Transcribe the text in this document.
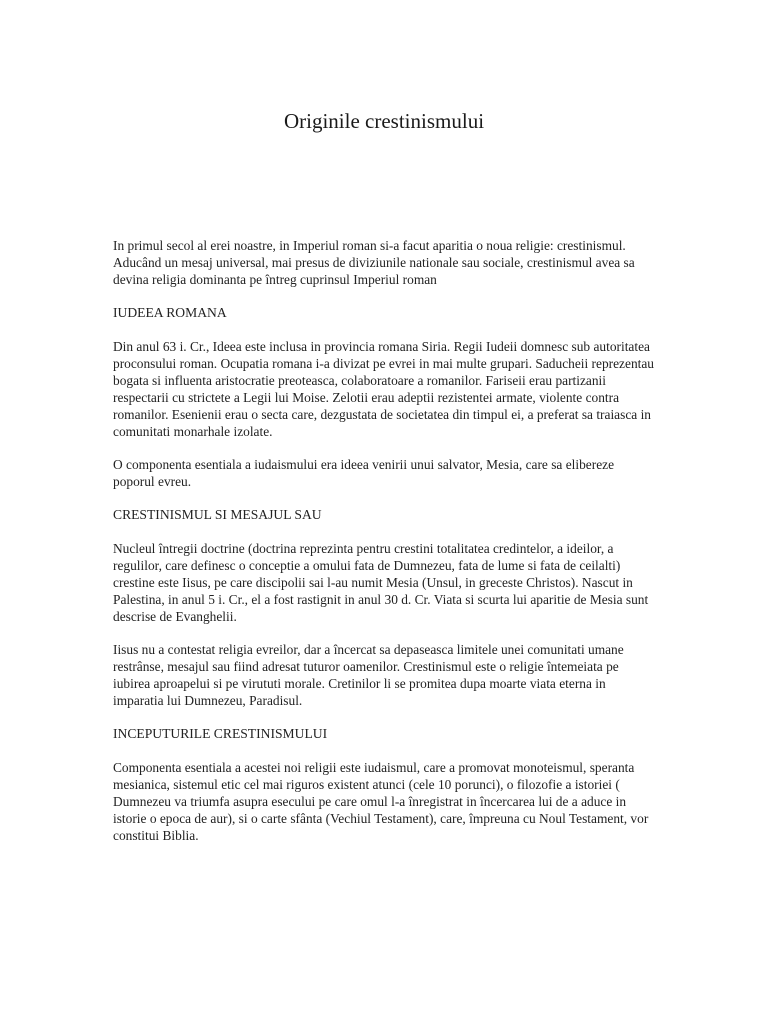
Originile crestinismului

In primul secol al erei noastre, in Imperiul roman si-a facut aparitia o noua religie: crestinismul. Aducând un mesaj universal, mai presus de diviziunile nationale sau sociale, crestinismul avea sa devina religia dominanta pe întreg cuprinsul Imperiul roman

IUDEEA ROMANA

Din anul 63 i. Cr., Ideea este inclusa in provincia romana Siria. Regii Iudeii domnesc sub autoritatea proconsului roman. Ocupatia romana i-a divizat pe evrei in mai multe grupari. Saducheii reprezentau bogata si influenta aristocratie preoteasca, colaboratoare a romanilor. Fariseii erau partizanii respectarii cu strictete a Legii lui Moise. Zelotii erau adeptii rezistentei armate, violente contra romanilor. Esenienii erau o secta care, dezgustata de societatea din timpul ei, a preferat sa traiasca in comunitati monarhale izolate.

O componenta esentiala a iudaismului era ideea venirii unui salvator, Mesia, care sa elibereze poporul evreu.

CRESTINISMUL SI MESAJUL SAU

Nucleul întregii doctrine (doctrina reprezinta pentru crestini totalitatea credintelor, a ideilor, a regulilor, care definesc o conceptie a omului fata de Dumnezeu, fata de lume si fata de ceilalti) crestine este Iisus, pe care discipolii sai l-au numit Mesia (Unsul, in greceste Christos). Nascut in Palestina, in anul 5 i. Cr., el a fost rastignit in anul 30 d. Cr. Viata si scurta lui aparitie de Mesia sunt descrise de Evanghelii.

Iisus nu a contestat religia evreilor, dar a încercat sa depaseasca limitele unei comunitati umane restrânse, mesajul sau fiind adresat tuturor oamenilor. Crestinismul este o religie întemeiata pe iubirea aproapelui si pe virututi morale. Cretinilor li se promitea dupa moarte viata eterna in imparatia lui Dumnezeu, Paradisul.

INCEPUTURILE CRESTINISMULUI

Componenta esentiala a acestei noi religii este iudaismul, care a promovat monoteismul, speranta mesianica, sistemul etic cel mai riguros existent atunci (cele 10 porunci), o filozofie a istoriei ( Dumnezeu va triumfa asupra esecului pe care omul l-a înregistrat in încercarea lui de a aduce in istorie o epoca de aur), si o carte sfânta (Vechiul Testament), care, împreuna cu Noul Testament, vor constitui Biblia.
